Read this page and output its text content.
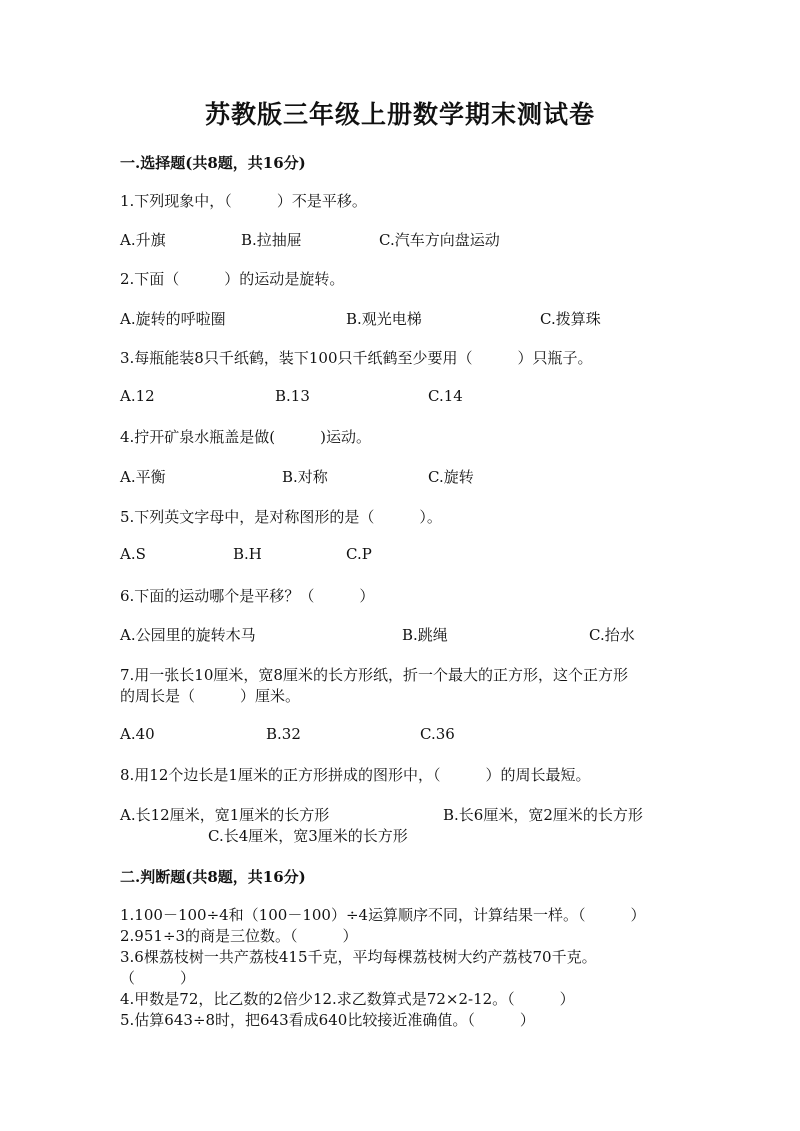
苏教版三年级上册数学期末测试卷
一.选择题(共8题，共16分)
1.下列现象中，（　　　）不是平移。
A.升旗	B.拉抽屉	C.汽车方向盘运动
2.下面（　　　）的运动是旋转。
A.旋转的呼啦圈	B.观光电梯	C.拨算珠
3.每瓶能装8只千纸鹤，装下100只千纸鹤至少要用（　　　）只瓶子。
A.12	B.13	C.14
4.拧开矿泉水瓶盖是做(　　　)运动。
A.平衡	B.对称	C.旋转
5.下列英文字母中，是对称图形的是（　　　）。
A.S	B.H	C.P
6.下面的运动哪个是平移？（　　　）
A.公园里的旋转木马	B.跳绳	C.抬水
7.用一张长10厘米，宽8厘米的长方形纸，折一个最大的正方形，这个正方形
的周长是（　　　）厘米。
A.40	B.32	C.36
8.用12个边长是1厘米的正方形拼成的图形中，（　　　）的周长最短。
A.长12厘米，宽1厘米的长方形	B.长6厘米，宽2厘米的长方形
C.长4厘米，宽3厘米的长方形
二.判断题(共8题，共16分)
1.100－100÷4和（100－100）÷4运算顺序不同，计算结果一样。（　　　）
2.951÷3的商是三位数。（　　　）
3.6棵荔枝树一共产荔枝415千克，平均每棵荔枝树大约产荔枝70千克。
（　　　）
4.甲数是72，比乙数的2倍少12.求乙数算式是72×2-12。（　　　）
5.估算643÷8时，把643看成640比较接近准确值。（　　　）
